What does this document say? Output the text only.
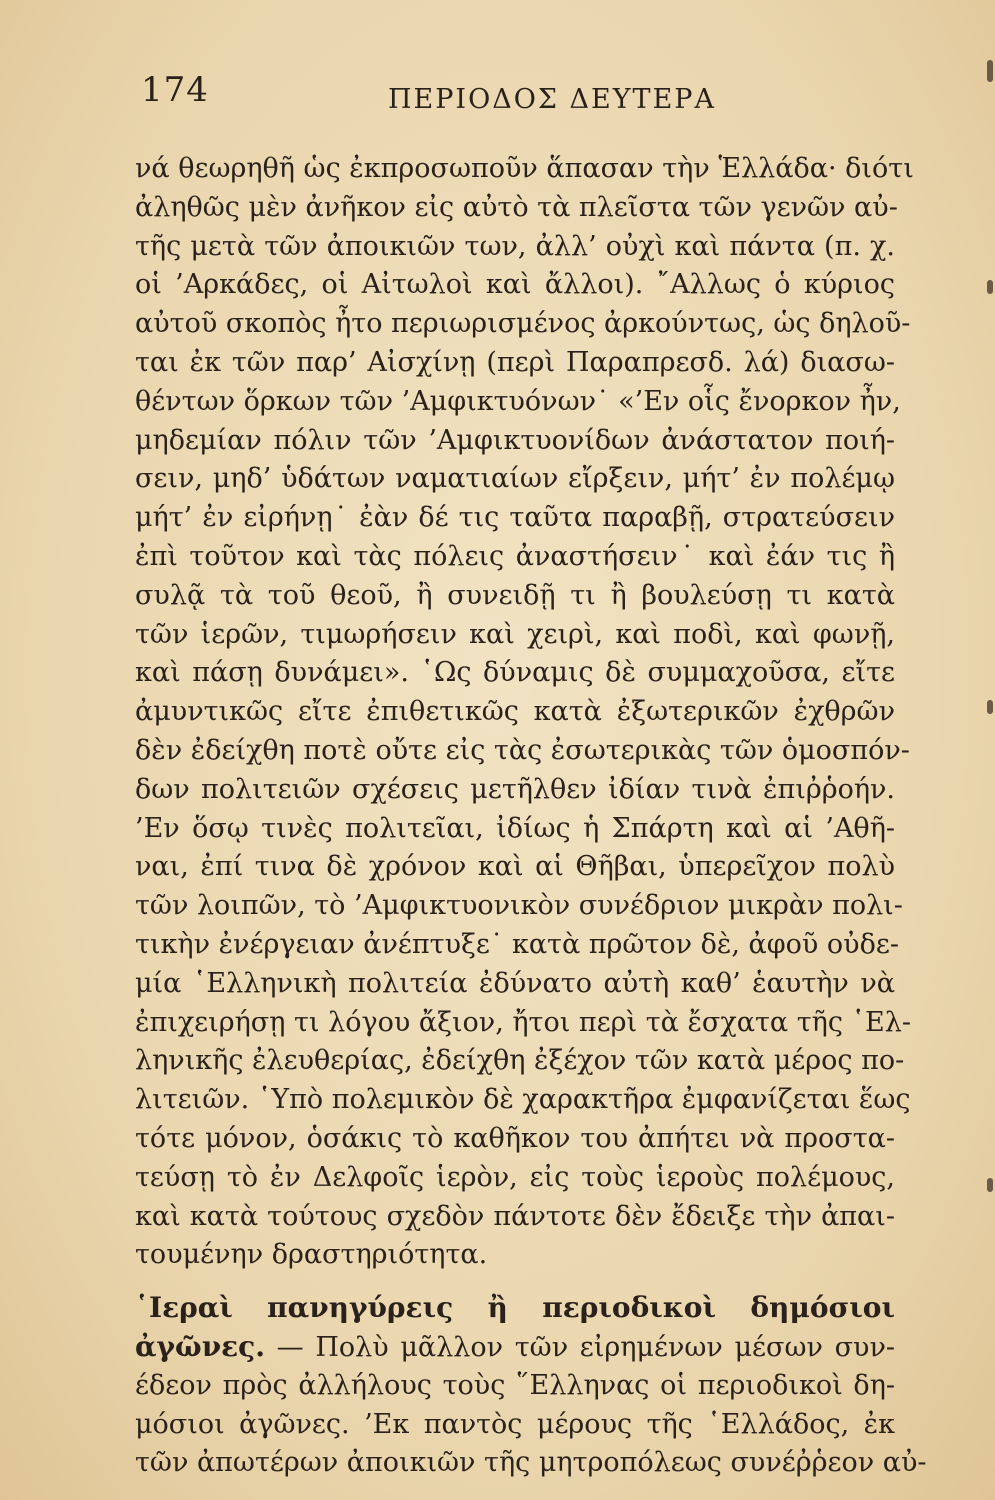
174	ΠΕΡΙΟΔΟΣ ΔΕΥΤΕΡΑ
νά θεωρηθῆ ὡς ἐκπροσωποῦν ἅπασαν τὴν Ἑλλάδα· διότι
ἀληθῶς μὲν ἀνῆκον εἰς αὐτὸ τὰ πλεῖστα τῶν γενῶν αὐ-
τῆς μετὰ τῶν ἀποικιῶν των, ἀλλ’ οὐχὶ καὶ πάντα (π. χ.
οἱ ’Αρκάδες, οἱ Αἰτωλοὶ καὶ ἄλλοι). ῎Αλλως ὁ κύριος
αὐτοῦ σκοπὸς ἦτο περιωρισμένος ἀρκούντως, ὡς δηλοῦ-
ται ἐκ τῶν παρ’ Αἰσχίνῃ (περὶ Παραπρεσδ. λά) διασω-
θέντων ὅρκων τῶν ’Αμφικτυόνων˙ «’Εν οἷς ἔνορκον ἦν,
μηδεμίαν πόλιν τῶν ’Αμφικτυονίδων ἀνάστατον ποιή-
σειν, μηδ’ ὑδάτων ναματιαίων εἴρξειν, μήτ’ ἐν πολέμῳ
μήτ’ ἐν εἰρήνῃ˙ ἐὰν δέ τις ταῦτα παραβῇ, στρατεύσειν
ἐπὶ τοῦτον καὶ τὰς πόλεις ἀναστήσειν˙ καὶ ἐάν τις ἢ
συλᾷ τὰ τοῦ θεοῦ, ἢ συνειδῇ τι ἢ βουλεύσῃ τι κατὰ
τῶν ἱερῶν, τιμωρήσειν καὶ χειρὶ, καὶ ποδὶ, καὶ φωνῇ,
καὶ πάσῃ δυνάμει». ῾Ως δύναμις δὲ συμμαχοῦσα, εἴτε
ἀμυντικῶς εἴτε ἐπιθετικῶς κατὰ ἐξωτερικῶν ἐχθρῶν
δὲν ἐδείχθη ποτὲ οὔτε εἰς τὰς ἐσωτερικὰς τῶν ὁμοσπόν-
δων πολιτειῶν σχέσεις μετῆλθεν ἰδίαν τινὰ ἐπιῤῥοήν.
’Εν ὅσῳ τινὲς πολιτεῖαι, ἰδίως ἡ Σπάρτη καὶ αἱ ’Αθῆ-
ναι, ἐπί τινα δὲ χρόνον καὶ αἱ Θῆβαι, ὑπερεῖχον πολὺ
τῶν λοιπῶν, τὸ ’Αμφικτυονικὸν συνέδριον μικρὰν πολι-
τικὴν ἐνέργειαν ἀνέπτυξε˙ κατὰ πρῶτον δὲ, ἀφοῦ οὐδε-
μία ῾Ελληνικὴ πολιτεία ἐδύνατο αὐτὴ καθ’ ἑαυτὴν νὰ
ἐπιχειρήσῃ τι λόγου ἄξιον, ἤτοι περὶ τὰ ἔσχατα τῆς ῾Ελ-
ληνικῆς ἐλευθερίας, ἐδείχθη ἐξέχον τῶν κατὰ μέρος πο-
λιτειῶν. ῾Υπὸ πολεμικὸν δὲ χαρακτῆρα ἐμφανίζεται ἕως
τότε μόνον, ὁσάκις τὸ καθῆκον του ἀπήτει νὰ προστα-
τεύσῃ τὸ ἐν Δελφοῖς ἱερὸν, εἰς τοὺς ἱεροὺς πολέμους,
καὶ κατὰ τούτους σχεδὸν πάντοτε δὲν ἔδειξε τὴν ἀπαι-
τουμένην δραστηριότητα.
῾Ιεραὶ πανηγύρεις ἢ περιοδικοὶ δημόσιοι
ἀγῶνες. — Πολὺ μᾶλλον τῶν εἰρημένων μέσων συν-
έδεον πρὸς ἀλλήλους τοὺς ῞Ελληνας οἱ περιοδικοὶ δη-
μόσιοι ἀγῶνες. ’Εκ παντὸς μέρους τῆς ῾Ελλάδος, ἐκ
τῶν ἀπωτέρων ἀποικιῶν τῆς μητροπόλεως συνέῤῥεον αὐ-
